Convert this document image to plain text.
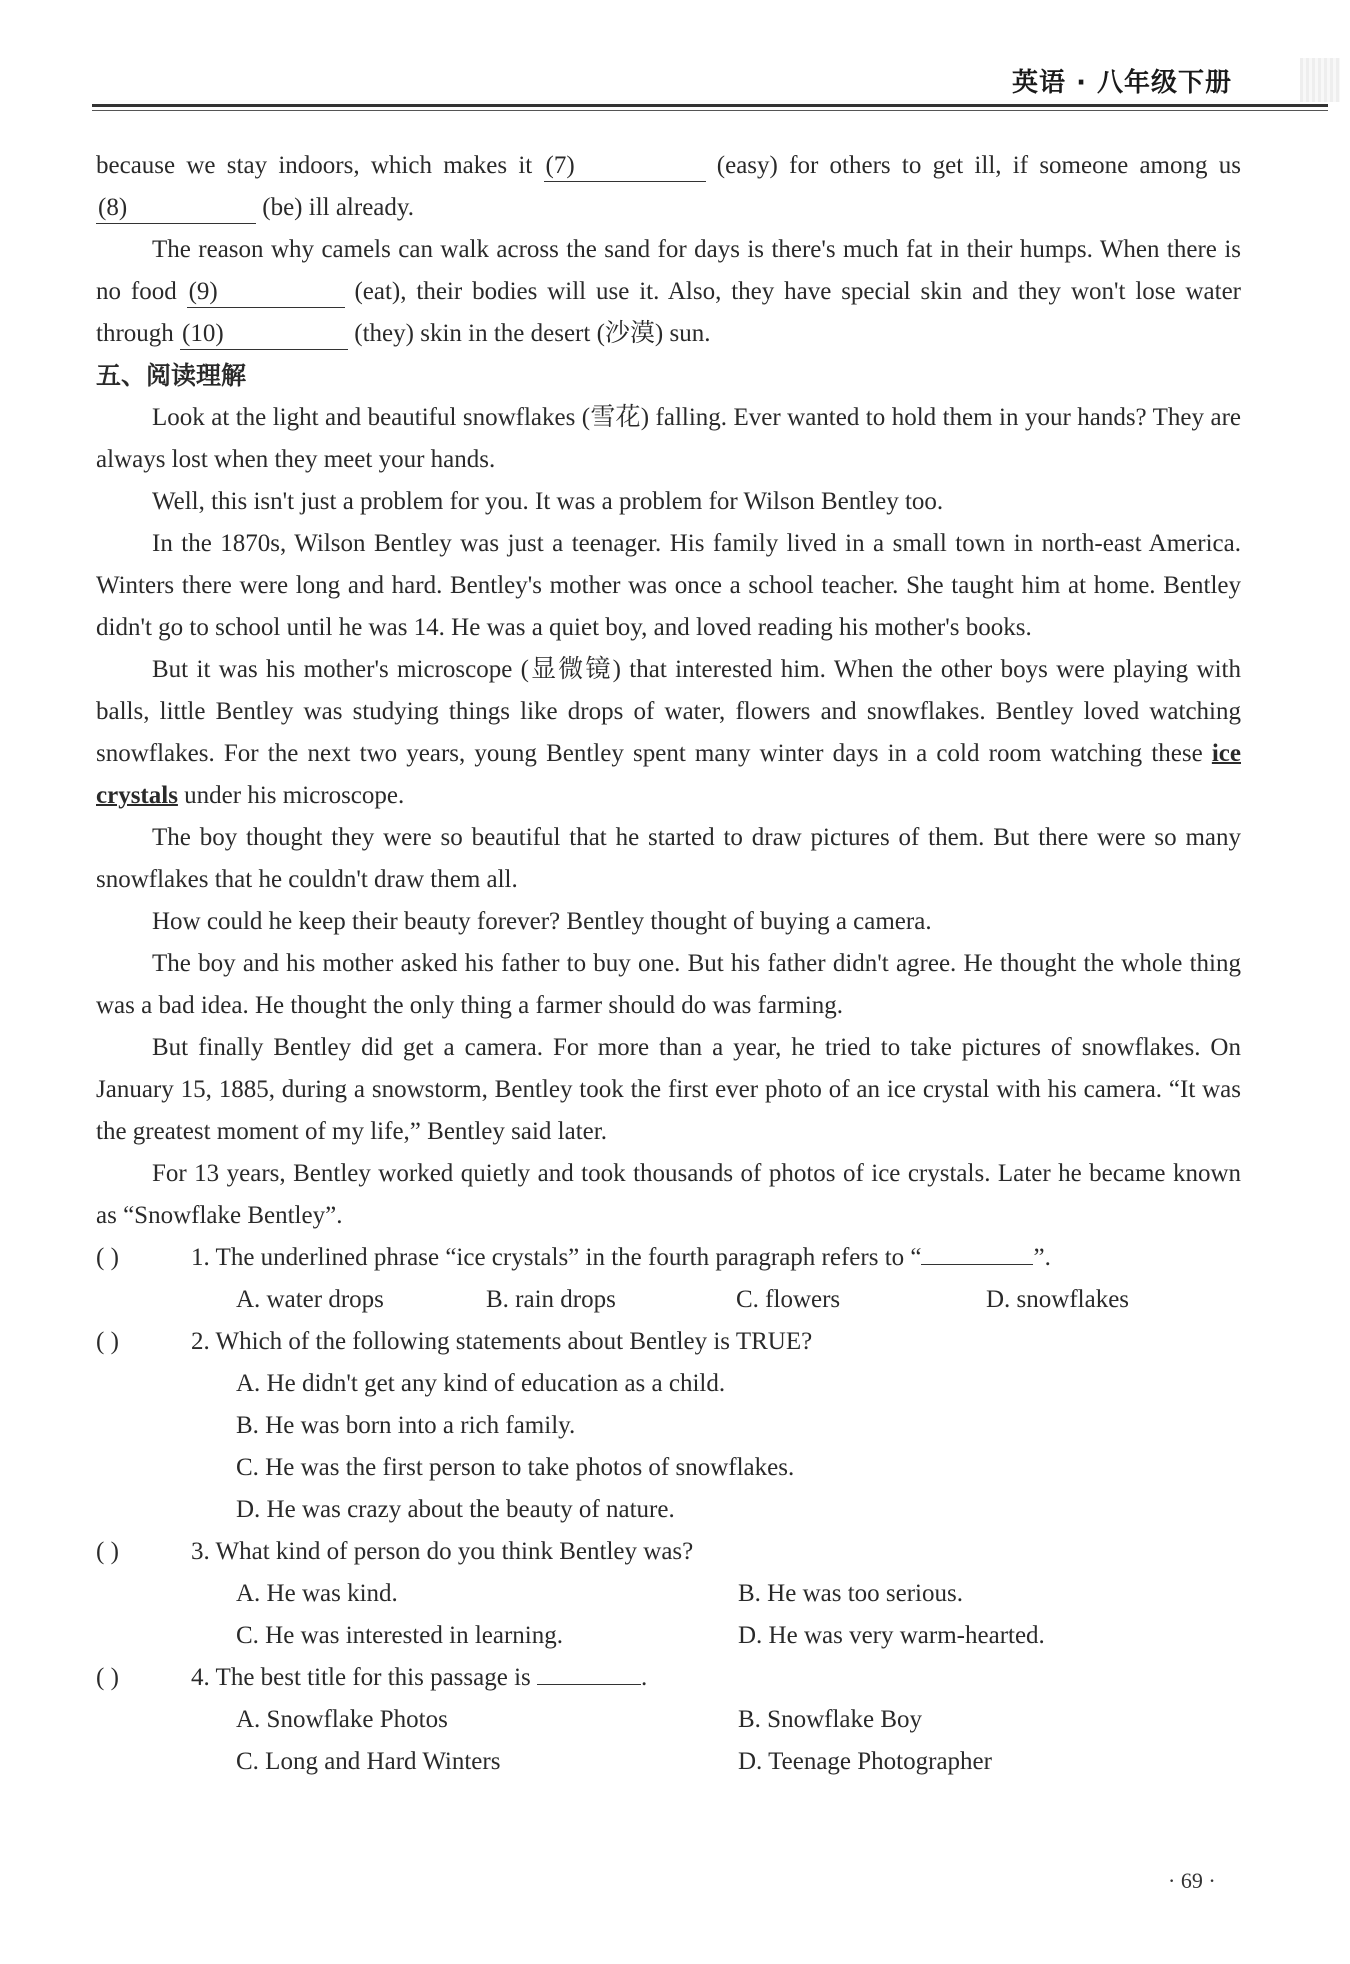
英语 · 八年级下册

because we stay indoors, which makes it (7)	(easy) for others to get ill, if someone among us (8)	(be) ill already.

The reason why camels can walk across the sand for days is there's much fat in their humps. When there is no food (9)	(eat), their bodies will use it. Also, they have special skin and they won't lose water through (10)	(they) skin in the desert (沙漠) sun.

五、阅读理解

Look at the light and beautiful snowflakes (雪花) falling. Ever wanted to hold them in your hands? They are always lost when they meet your hands.

Well, this isn't just a problem for you. It was a problem for Wilson Bentley too.

In the 1870s, Wilson Bentley was just a teenager. His family lived in a small town in north-east America. Winters there were long and hard. Bentley's mother was once a school teacher. She taught him at home. Bentley didn't go to school until he was 14. He was a quiet boy, and loved reading his mother's books.

But it was his mother's microscope (显微镜) that interested him. When the other boys were playing with balls, little Bentley was studying things like drops of water, flowers and snowflakes. Bentley loved watching snowflakes. For the next two years, young Bentley spent many winter days in a cold room watching these ice crystals under his microscope.

The boy thought they were so beautiful that he started to draw pictures of them. But there were so many snowflakes that he couldn't draw them all.

How could he keep their beauty forever? Bentley thought of buying a camera.

The boy and his mother asked his father to buy one. But his father didn't agree. He thought the whole thing was a bad idea. He thought the only thing a farmer should do was farming.

But finally Bentley did get a camera. For more than a year, he tried to take pictures of snowflakes. On January 15, 1885, during a snowstorm, Bentley took the first ever photo of an ice crystal with his camera. “It was the greatest moment of my life,” Bentley said later.

For 13 years, Bentley worked quietly and took thousands of photos of ice crystals. Later he became known as “Snowflake Bentley”.

( )	1. The underlined phrase “ice crystals” in the fourth paragraph refers to “	”.
A. water drops	B. rain drops	C. flowers	D. snowflakes
( )	2. Which of the following statements about Bentley is TRUE?
A. He didn't get any kind of education as a child.
B. He was born into a rich family.
C. He was the first person to take photos of snowflakes.
D. He was crazy about the beauty of nature.
( )	3. What kind of person do you think Bentley was?
A. He was kind.	B. He was too serious.
C. He was interested in learning.	D. He was very warm-hearted.
( )	4. The best title for this passage is	.
A. Snowflake Photos	B. Snowflake Boy
C. Long and Hard Winters	D. Teenage Photographer
· 69 ·
